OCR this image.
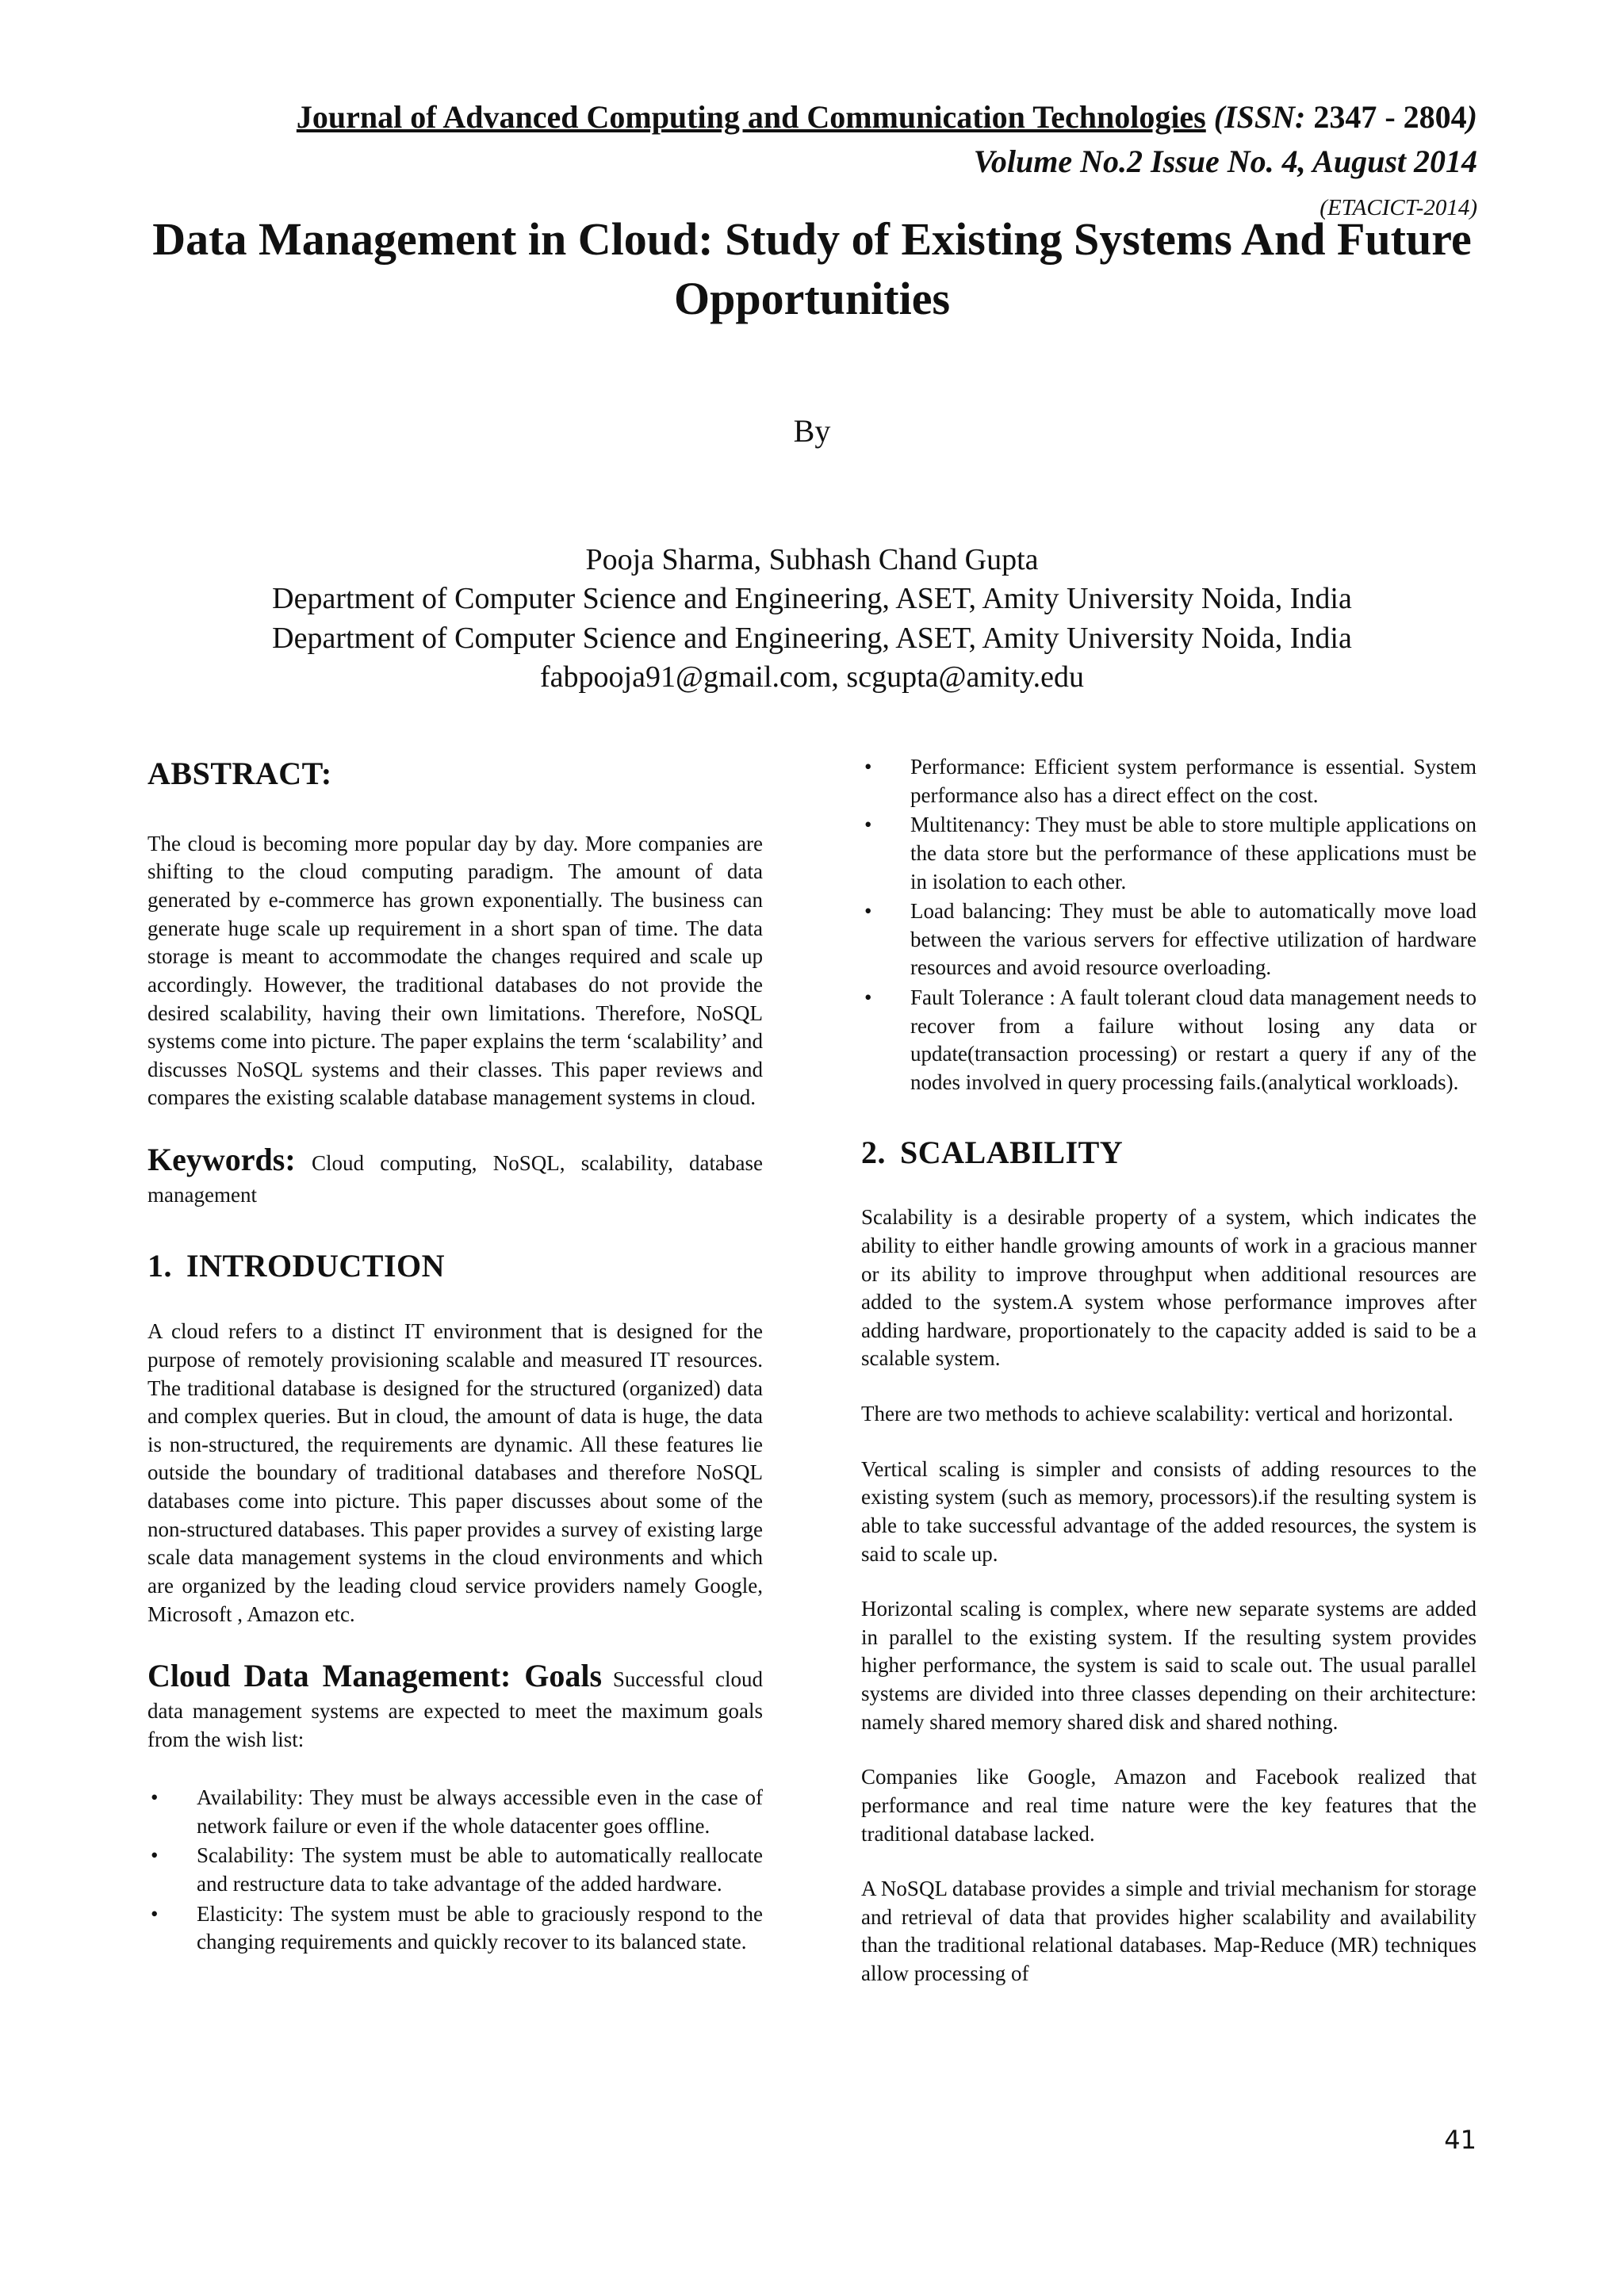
Journal of Advanced Computing and Communication Technologies (ISSN: 2347 - 2804)
Volume No.2 Issue No. 4, August 2014
(ETACICT-2014)
Data Management in Cloud: Study of Existing Systems And Future Opportunities
By
Pooja Sharma, Subhash Chand Gupta
Department of Computer Science and Engineering, ASET, Amity University Noida, India
Department of Computer Science and Engineering, ASET, Amity University Noida, India
fabpooja91@gmail.com, scgupta@amity.edu
ABSTRACT:

The cloud is becoming more popular day by day. More companies are shifting to the cloud computing paradigm. The amount of data generated by e-commerce has grown exponentially. The business can generate huge scale up requirement in a short span of time. The data storage is meant to accommodate the changes required and scale up accordingly. However, the traditional databases do not provide the desired scalability, having their own limitations. Therefore, NoSQL systems come into picture. The paper explains the term ‘scalability’ and discusses NoSQL systems and their classes. This paper reviews and compares the existing scalable database management systems in cloud.

Keywords: Cloud computing, NoSQL, scalability, database management

1. INTRODUCTION

A cloud refers to a distinct IT environment that is designed for the purpose of remotely provisioning scalable and measured IT resources. The traditional database is designed for the structured (organized) data and complex queries. But in cloud, the amount of data is huge, the data is non-structured, the requirements are dynamic. All these features lie outside the boundary of traditional databases and therefore NoSQL databases come into picture. This paper discusses about some of the non-structured databases. This paper provides a survey of existing large scale data management systems in the cloud environments and which are organized by the leading cloud service providers namely Google, Microsoft , Amazon etc.

Cloud Data Management: Goals Successful cloud data management systems are expected to meet the maximum goals from the wish list:

• Availability: They must be always accessible even in the case of network failure or even if the whole datacenter goes offline.
• Scalability: The system must be able to automatically reallocate and restructure data to take advantage of the added hardware.
• Elasticity: The system must be able to graciously respond to the changing requirements and quickly recover to its balanced state.
• Performance: Efficient system performance is essential. System performance also has a direct effect on the cost.
• Multitenancy: They must be able to store multiple applications on the data store but the performance of these applications must be in isolation to each other.
• Load balancing: They must be able to automatically move load between the various servers for effective utilization of hardware resources and avoid resource overloading.
• Fault Tolerance : A fault tolerant cloud data management needs to recover from a failure without losing any data or update(transaction processing) or restart a query if any of the nodes involved in query processing fails.(analytical workloads).
2. SCALABILITY

Scalability is a desirable property of a system, which indicates the ability to either handle growing amounts of work in a gracious manner or its ability to improve throughput when additional resources are added to the system.A system whose performance improves after adding hardware, proportionately to the capacity added is said to be a scalable system.

There are two methods to achieve scalability: vertical and horizontal.

Vertical scaling is simpler and consists of adding resources to the existing system (such as memory, processors).if the resulting system is able to take successful advantage of the added resources, the system is said to scale up.

Horizontal scaling is complex, where new separate systems are added in parallel to the existing system. If the resulting system provides higher performance, the system is said to scale out. The usual parallel systems are divided into three classes depending on their architecture: namely shared memory shared disk and shared nothing.

Companies like Google, Amazon and Facebook realized that performance and real time nature were the key features that the traditional database lacked.

A NoSQL database provides a simple and trivial mechanism for storage and retrieval of data that provides higher scalability and availability than the traditional relational databases. Map-Reduce (MR) techniques allow processing of

41
